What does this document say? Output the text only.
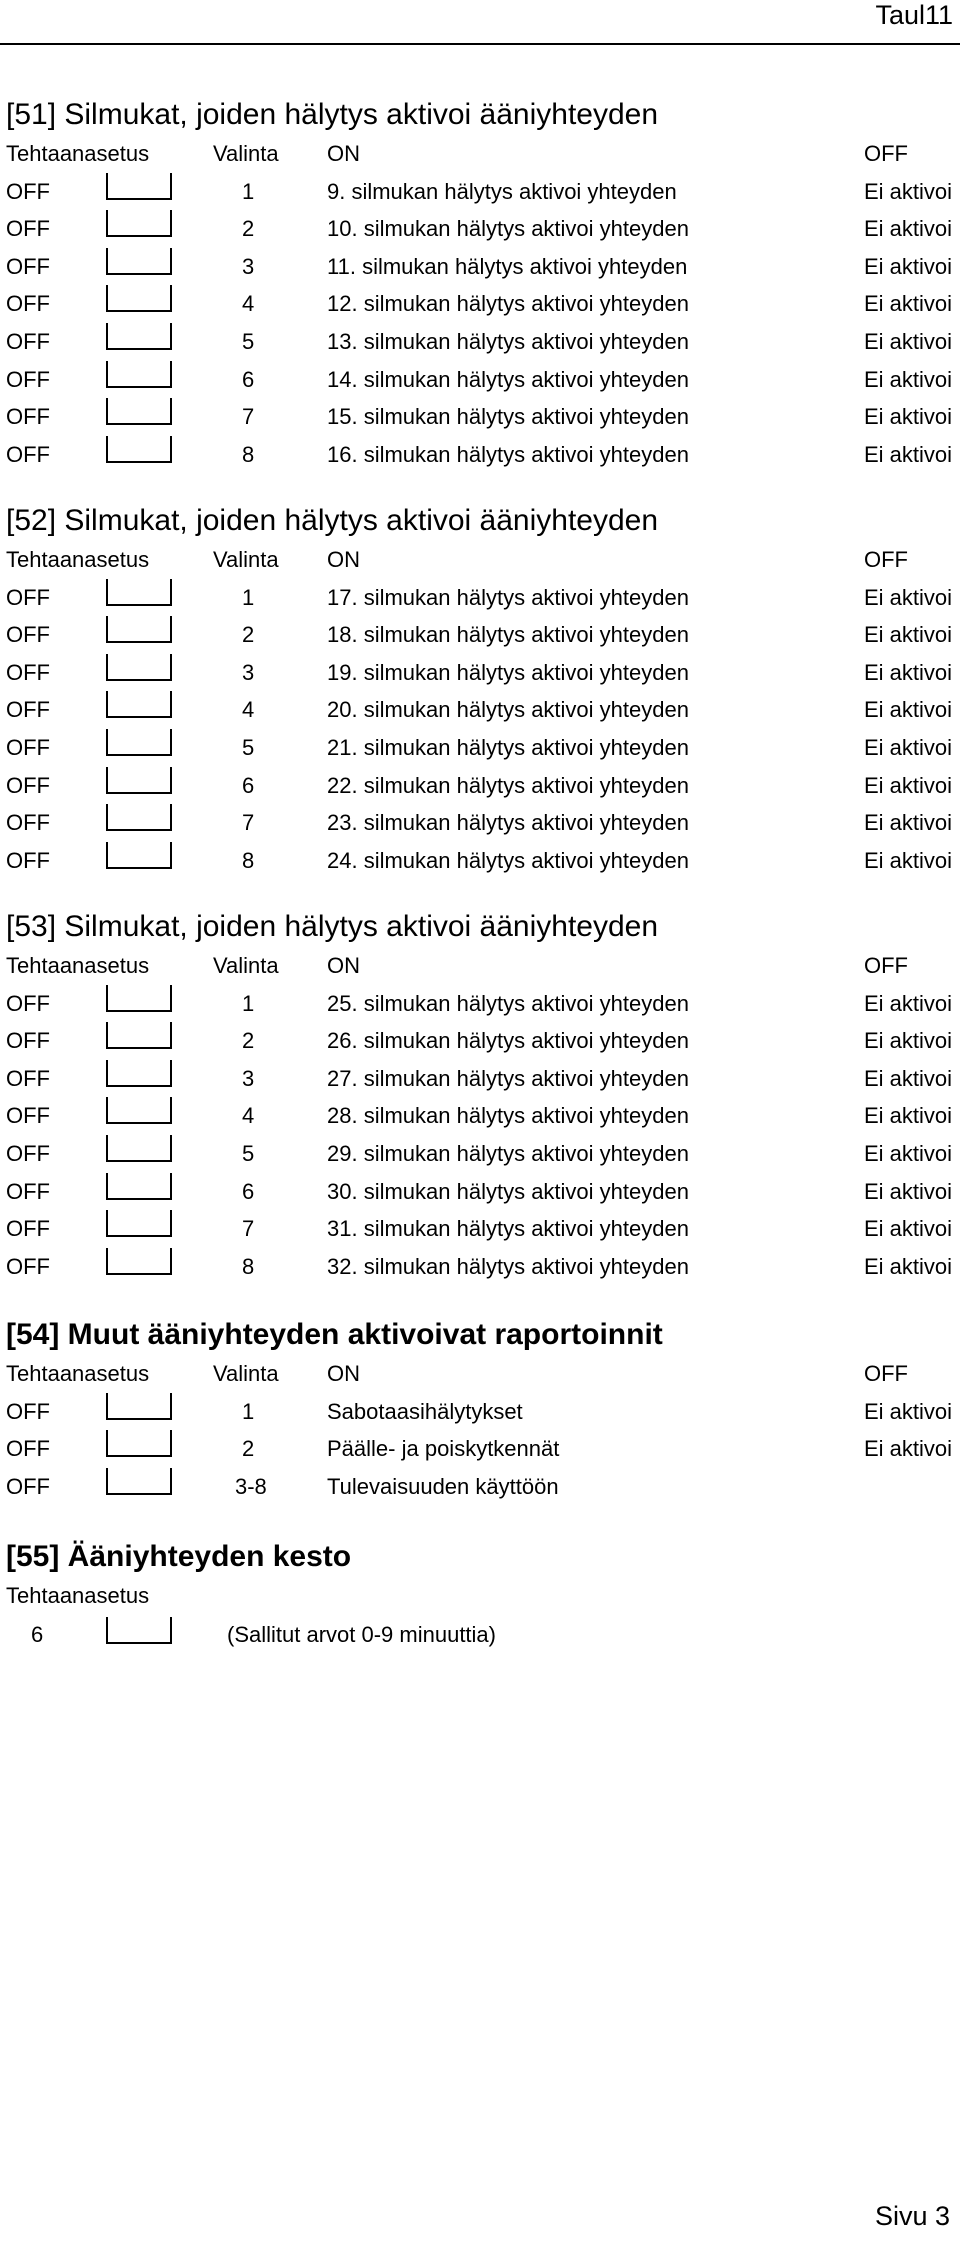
Taul11
[51] Silmukat, joiden hälytys aktivoi ääniyhteyden
Tehtaanasetus	Valinta ON	OFF
OFF	1	9. silmukan hälytys aktivoi yhteyden	Ei aktivoi
OFF	2	10. silmukan hälytys aktivoi yhteyden	Ei aktivoi
OFF	3	11. silmukan hälytys aktivoi yhteyden	Ei aktivoi
OFF	4	12. silmukan hälytys aktivoi yhteyden	Ei aktivoi
OFF	5	13. silmukan hälytys aktivoi yhteyden	Ei aktivoi
OFF	6	14. silmukan hälytys aktivoi yhteyden	Ei aktivoi
OFF	7	15. silmukan hälytys aktivoi yhteyden	Ei aktivoi
OFF	8	16. silmukan hälytys aktivoi yhteyden	Ei aktivoi
[52] Silmukat, joiden hälytys aktivoi ääniyhteyden
Tehtaanasetus	Valinta ON	OFF
OFF	1	17. silmukan hälytys aktivoi yhteyden	Ei aktivoi
OFF	2	18. silmukan hälytys aktivoi yhteyden	Ei aktivoi
OFF	3	19. silmukan hälytys aktivoi yhteyden	Ei aktivoi
OFF	4	20. silmukan hälytys aktivoi yhteyden	Ei aktivoi
OFF	5	21. silmukan hälytys aktivoi yhteyden	Ei aktivoi
OFF	6	22. silmukan hälytys aktivoi yhteyden	Ei aktivoi
OFF	7	23. silmukan hälytys aktivoi yhteyden	Ei aktivoi
OFF	8	24. silmukan hälytys aktivoi yhteyden	Ei aktivoi
[53] Silmukat, joiden hälytys aktivoi ääniyhteyden
Tehtaanasetus	Valinta ON	OFF
OFF	1	25. silmukan hälytys aktivoi yhteyden	Ei aktivoi
OFF	2	26. silmukan hälytys aktivoi yhteyden	Ei aktivoi
OFF	3	27. silmukan hälytys aktivoi yhteyden	Ei aktivoi
OFF	4	28. silmukan hälytys aktivoi yhteyden	Ei aktivoi
OFF	5	29. silmukan hälytys aktivoi yhteyden	Ei aktivoi
OFF	6	30. silmukan hälytys aktivoi yhteyden	Ei aktivoi
OFF	7	31. silmukan hälytys aktivoi yhteyden	Ei aktivoi
OFF	8	32. silmukan hälytys aktivoi yhteyden	Ei aktivoi
[54] Muut ääniyhteyden aktivoivat raportoinnit
Tehtaanasetus	Valinta ON	OFF
OFF	1	Sabotaasihälytykset	Ei aktivoi
OFF	2	Päälle- ja poiskytkennät	Ei aktivoi
OFF	3-8	Tulevaisuuden käyttöön
[55] Ääniyhteyden kesto
Tehtaanasetus
6	(Sallitut arvot 0-9 minuuttia)
Sivu 3
